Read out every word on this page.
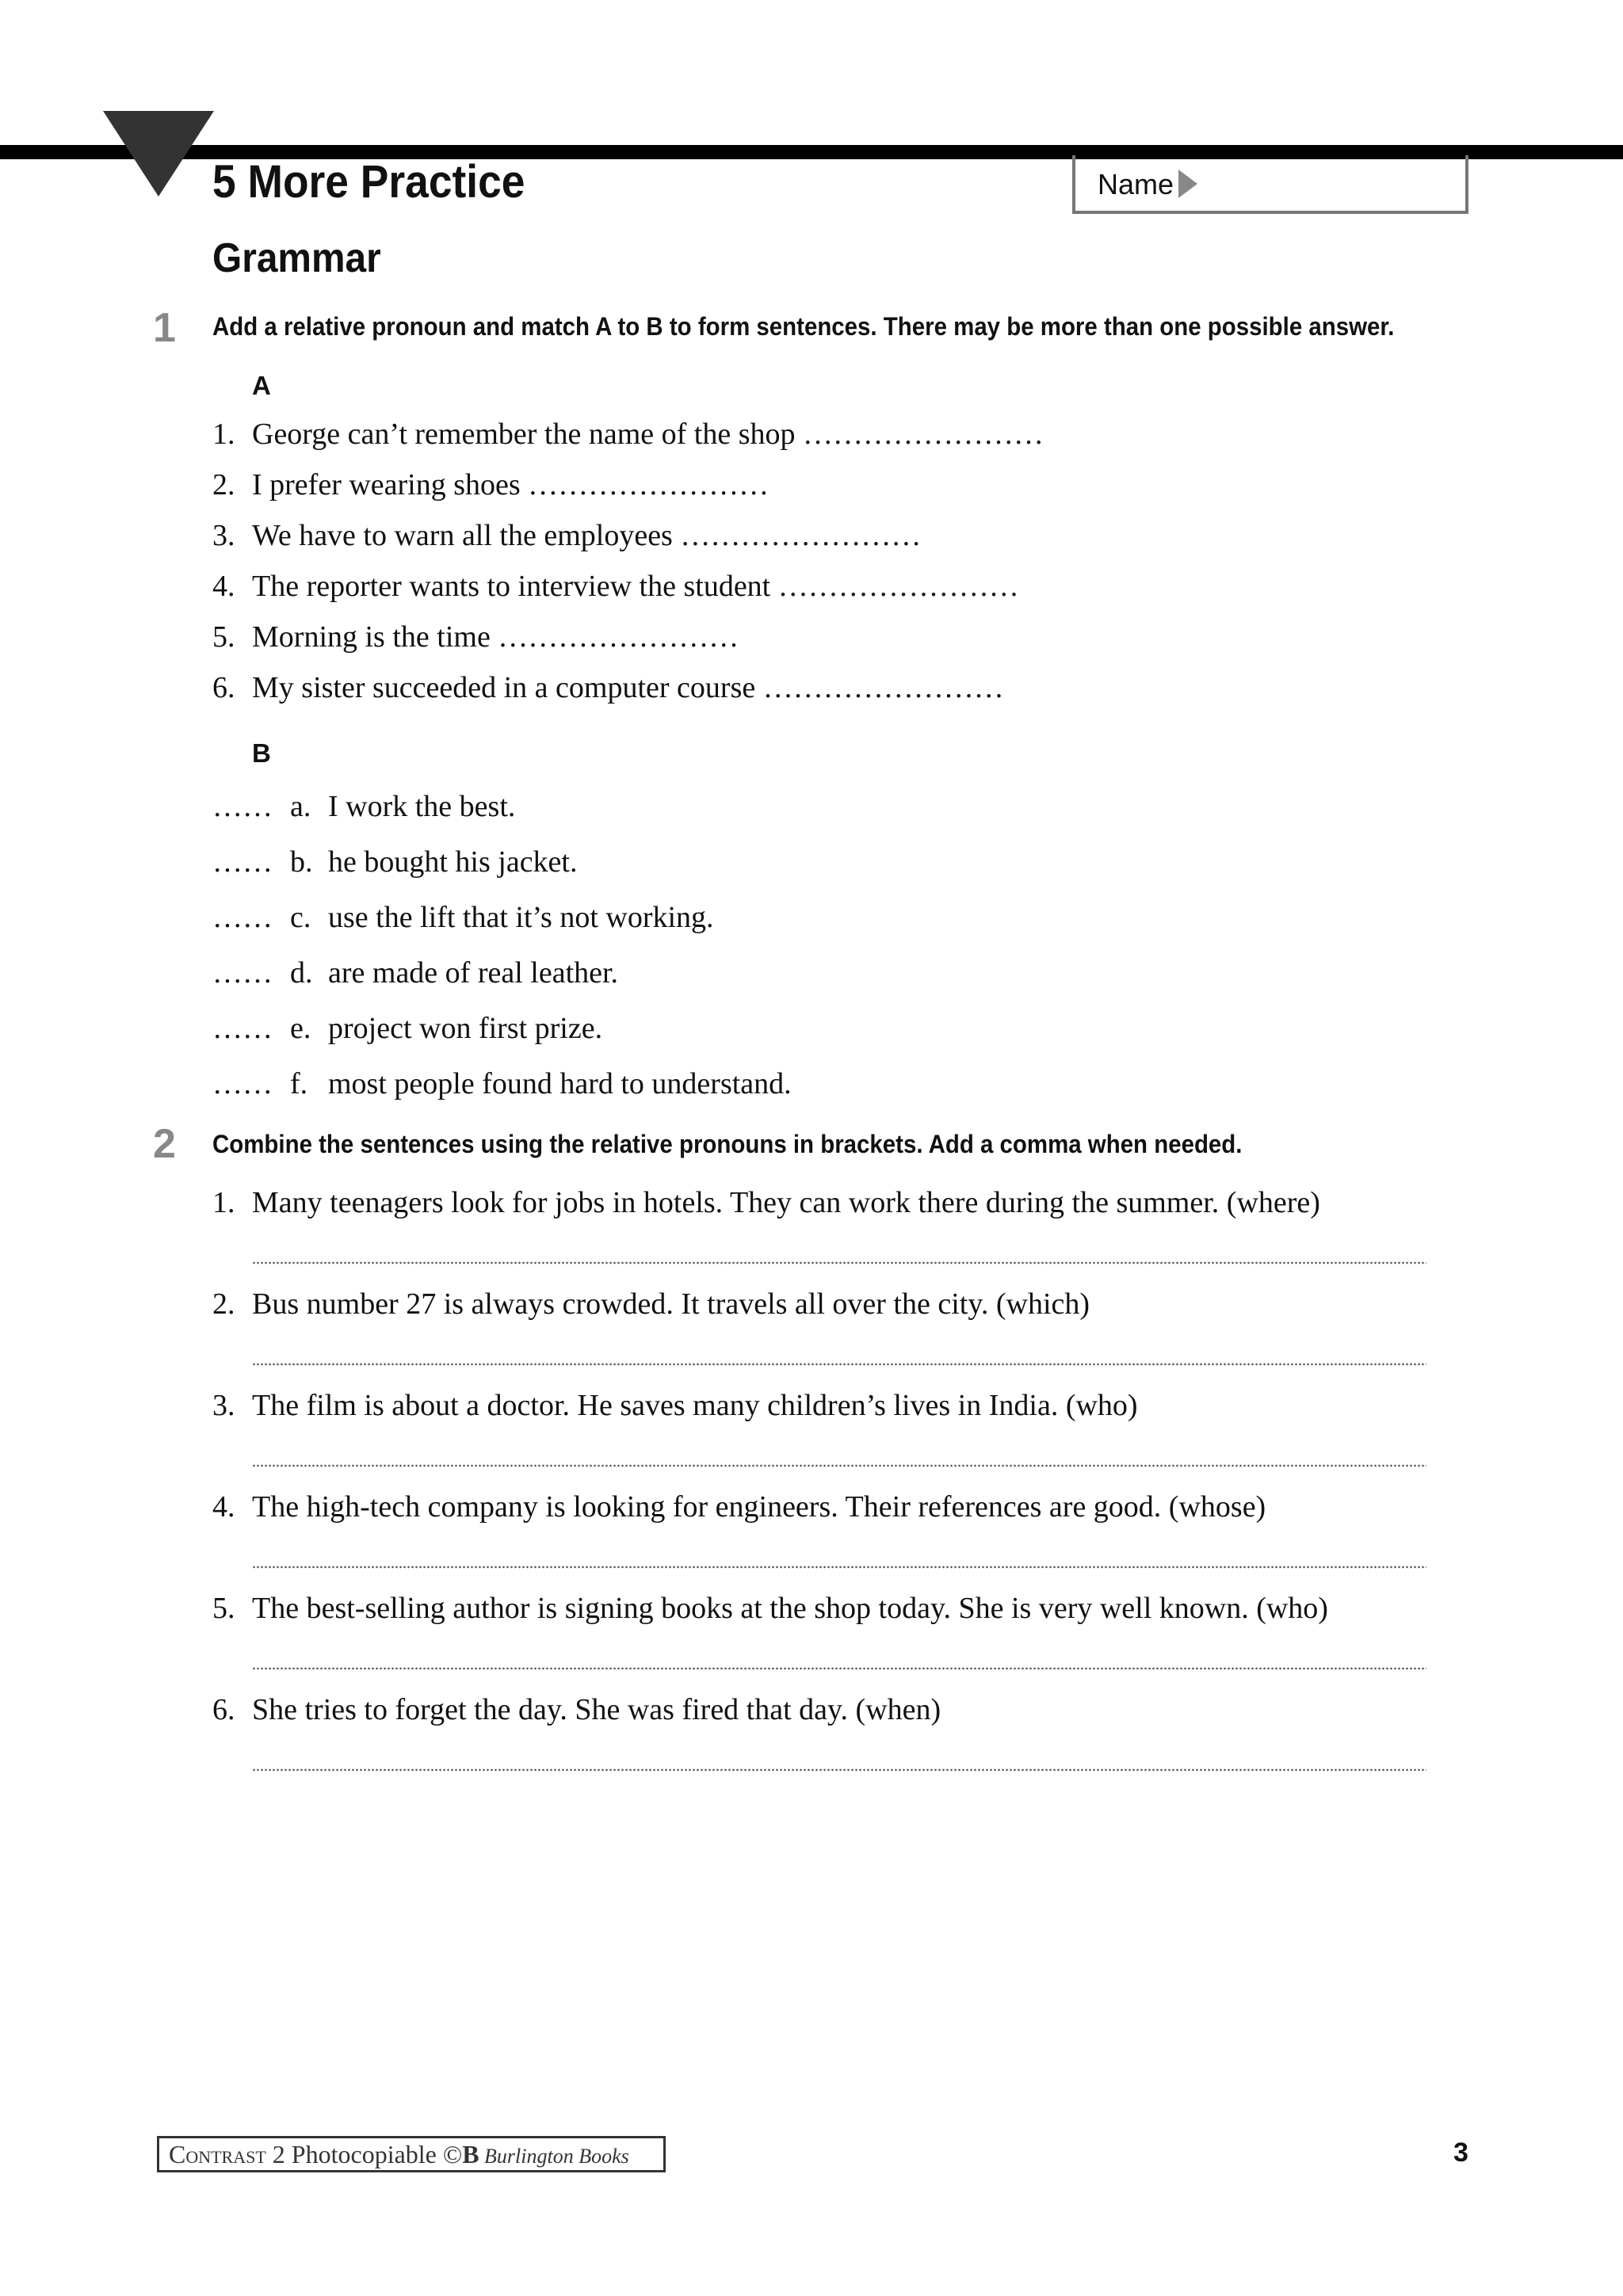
5 More Practice	Name
Grammar
1 Add a relative pronoun and match A to B to form sentences. There may be more than one possible answer.
A
1. George can’t remember the name of the shop ……………………
2. I prefer wearing shoes ……………………
3. We have to warn all the employees ……………………
4. The reporter wants to interview the student ……………………
5. Morning is the time ……………………
6. My sister succeeded in a computer course ……………………
B
…… a. I work the best.
…… b. he bought his jacket.
…… c. use the lift that it’s not working.
…… d. are made of real leather.
…… e. project won first prize.
…… f. most people found hard to understand.
2 Combine the sentences using the relative pronouns in brackets. Add a comma when needed.
1. Many teenagers look for jobs in hotels. They can work there during the summer. (where)
2. Bus number 27 is always crowded. It travels all over the city. (which)
3. The film is about a doctor. He saves many children’s lives in India. (who)
4. The high-tech company is looking for engineers. Their references are good. (whose)
5. The best-selling author is signing books at the shop today. She is very well known. (who)
6. She tries to forget the day. She was fired that day. (when)
Contrast 2 Photocopiable ©B Burlington Books	3
